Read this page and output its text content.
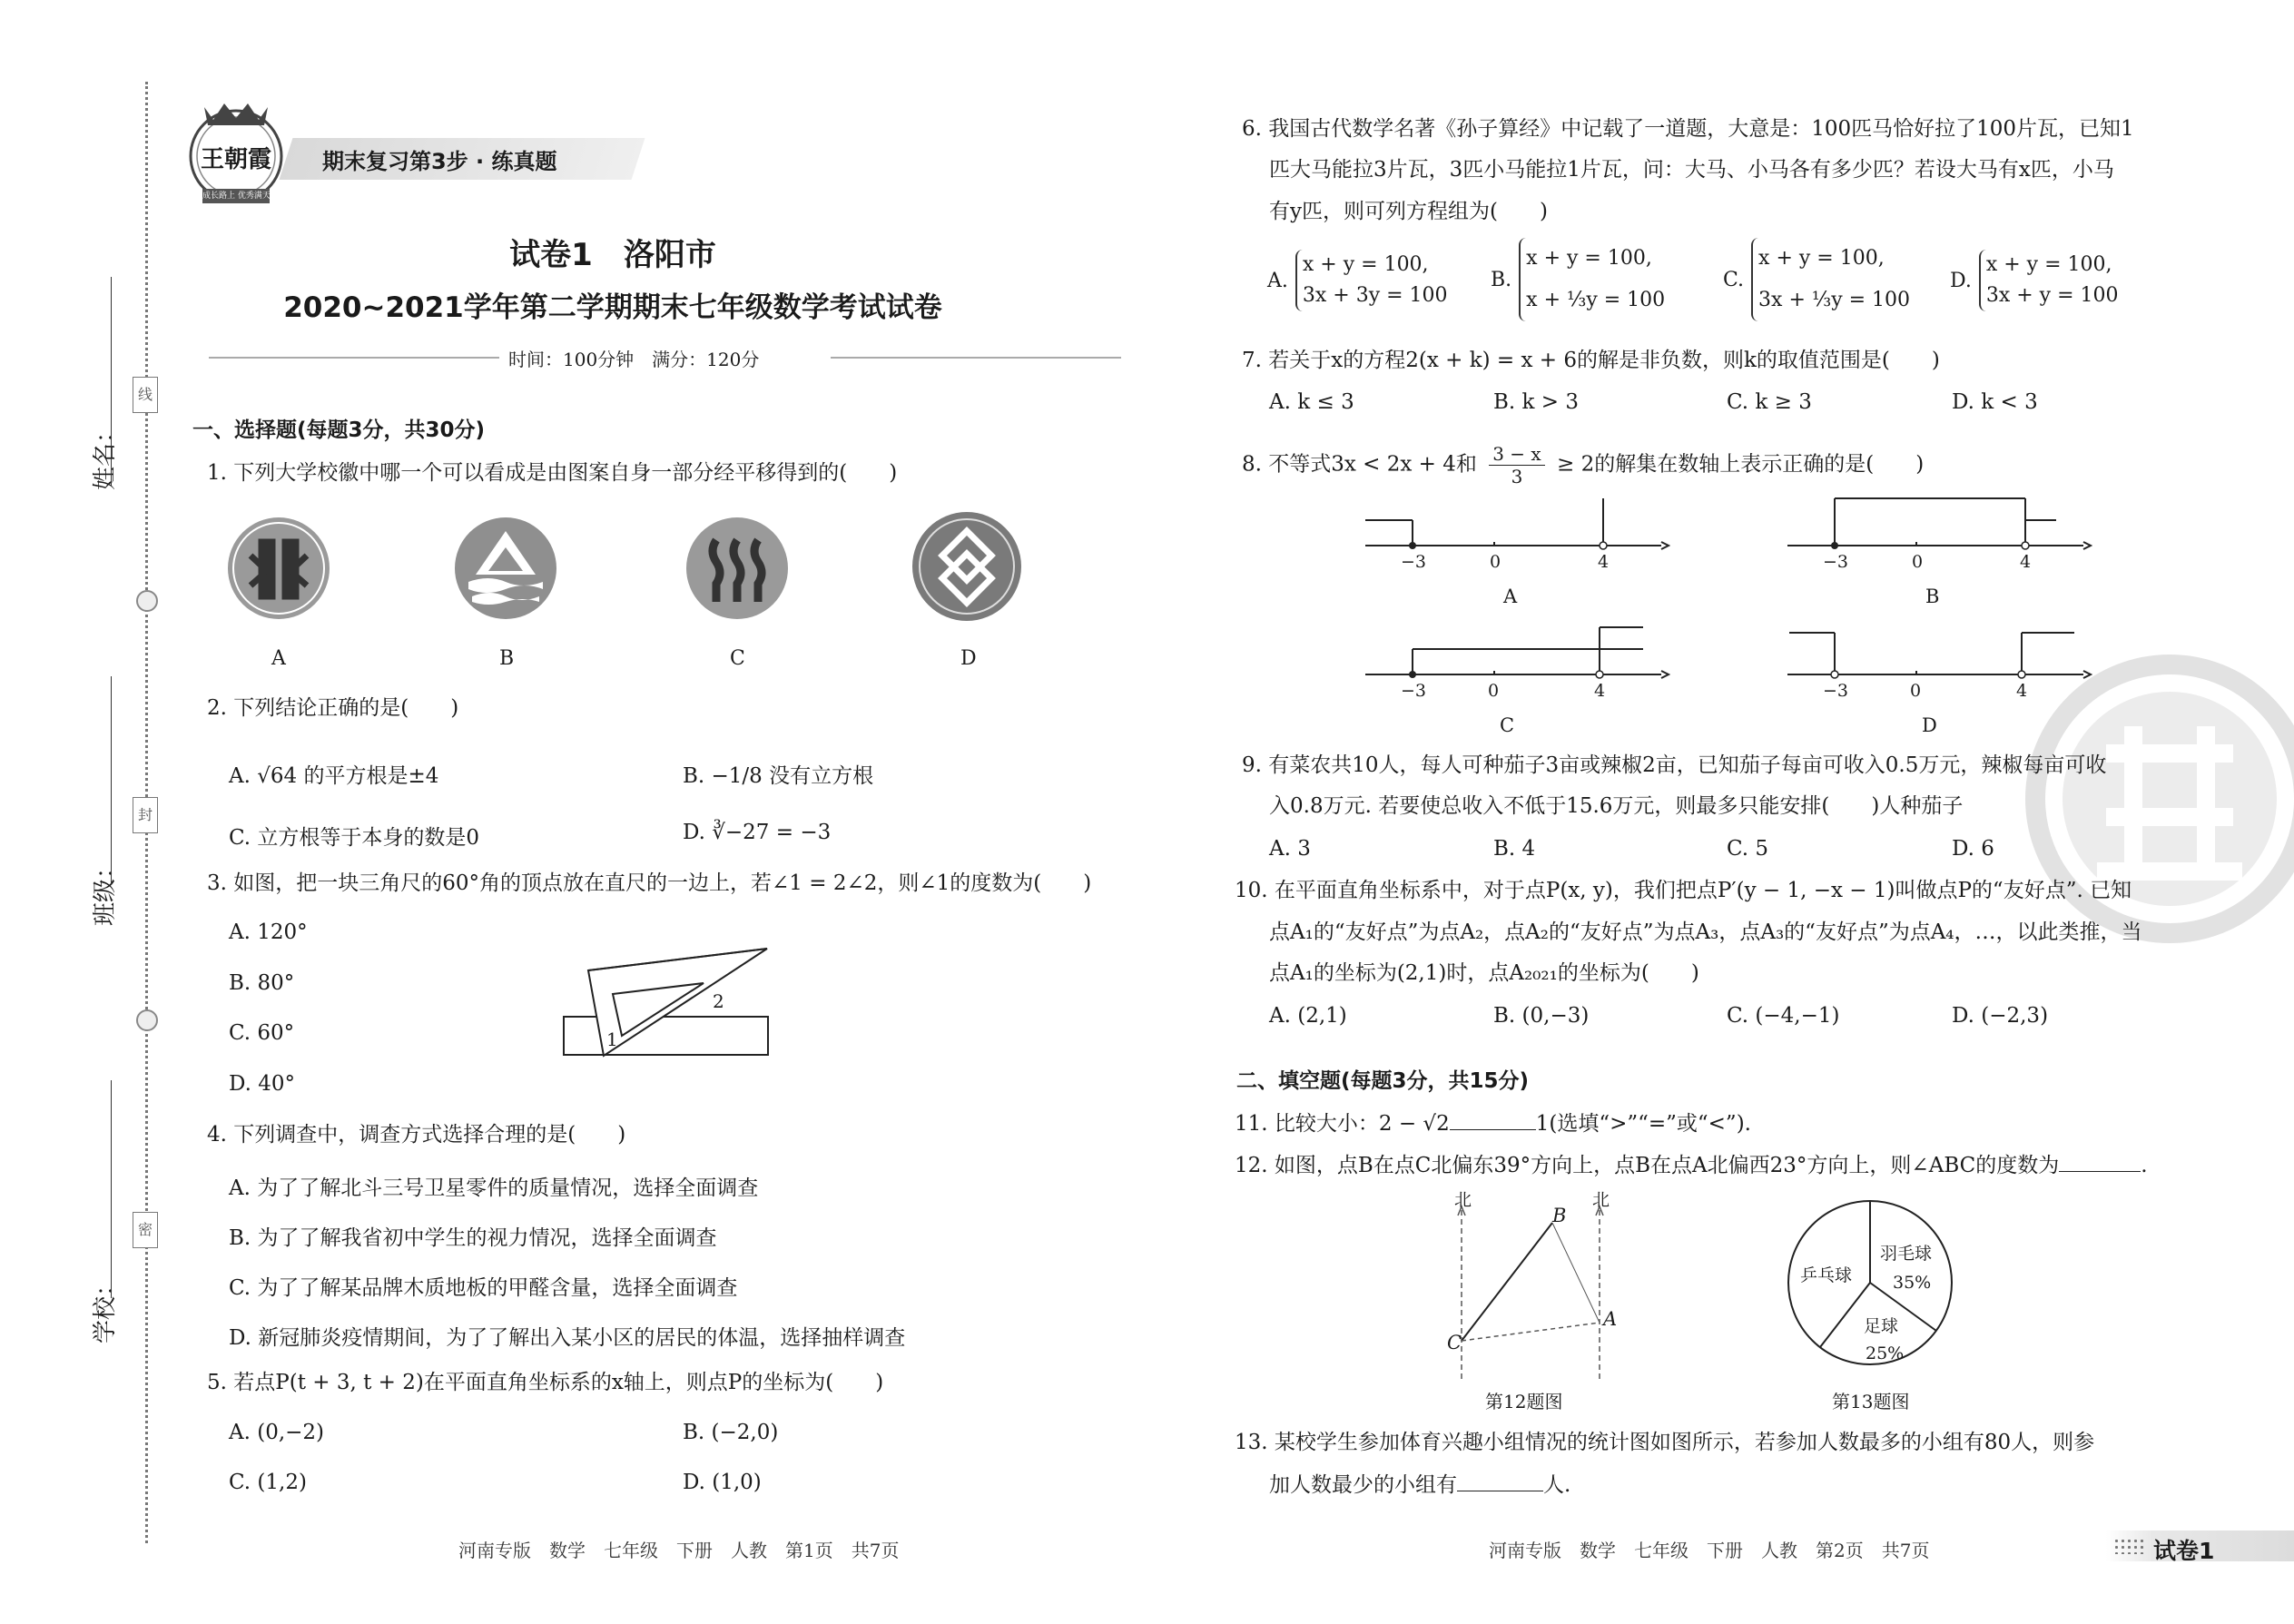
线
封
密
姓名：
班级：
学校：
王朝霞
成长路上 优秀满天
期末复习第3步 · 练真题
试卷1　洛阳市
2020~2021学年第二学期期末七年级数学考试试卷
时间：100分钟　满分：120分
一、选择题(每题3分，共30分)
1. 下列大学校徽中哪一个可以看成是由图案自身一部分经平移得到的(　　)
A	B	C	D
2. 下列结论正确的是(　　)
A. √64 的平方根是±4	B. −1/8 没有立方根
C. 立方根等于本身的数是0	D. ∛−27 = −3
3. 如图，把一块三角尺的60°角的顶点放在直尺的一边上，若∠1 = 2∠2，则∠1的度数为(　　)
A. 120°
B. 80°
C. 60°
D. 40°
1
2
4. 下列调查中，调查方式选择合理的是(　　)
A. 为了了解北斗三号卫星零件的质量情况，选择全面调查
B. 为了了解我省初中学生的视力情况，选择全面调查
C. 为了了解某品牌木质地板的甲醛含量，选择全面调查
D. 新冠肺炎疫情期间，为了了解出入某小区的居民的体温，选择抽样调查
5. 若点P(t + 3, t + 2)在平面直角坐标系的x轴上，则点P的坐标为(　　)
A. (0,−2)	B. (−2,0)
C. (1,2)	D. (1,0)
河南专版　数学　七年级　下册　人教　第1页　共7页
6. 我国古代数学名著《孙子算经》中记载了一道题，大意是：100匹马恰好拉了100片瓦，已知1
匹大马能拉3片瓦，3匹小马能拉1片瓦，问：大马、小马各有多少匹？若设大马有x匹，小马
有y匹，则可列方程组为(　　)
A.
x + y = 100,
3x + 3y = 100
B.
x + y = 100,
x + ⅓y = 100
C.
x + y = 100,
3x + ⅓y = 100
D.
x + y = 100,
3x + y = 100
7. 若关于x的方程2(x + k) = x + 6的解是非负数，则k的取值范围是(　　)
A. k ≤ 3	B. k > 3	C. k ≥ 3	D. k < 3
8. 不等式3x < 2x + 4和 $\frac{3 - x}{3} \ge 2$的解集在数轴上表示正确的是(　　)
−3	0	4
A
−3	0	4
B
−3	0	4
C
−3	0	4
D
9. 有菜农共10人，每人可种茄子3亩或辣椒2亩，已知茄子每亩可收入0.5万元，辣椒每亩可收
入0.8万元. 若要使总收入不低于15.6万元，则最多只能安排(　　)人种茄子
A. 3	B. 4	C. 5	D. 6
10. 在平面直角坐标系中，对于点P(x, y)，我们把点P′(y − 1, −x − 1)叫做点P的“友好点”. 已知
点A₁的“友好点”为点A₂，点A₂的“友好点”为点A₃，点A₃的“友好点”为点A₄，…，以此类推，当
点A₁的坐标为(2,1)时，点A₂₀₂₁的坐标为(　　)
A. (2,1)	B. (0,−3)	C. (−4,−1)	D. (−2,3)
二、填空题(每题3分，共15分)
11. 比较大小：2 − √2	1(选填“>”“=”或“<”).
12. 如图，点B在点C北偏东39°方向上，点B在点A北偏西23°方向上，则∠ABC的度数为	.
北	北
B
C
A
第12题图
羽毛球
35%
乒乓球
足球
25%
第13题图
13. 某校学生参加体育兴趣小组情况的统计图如图所示，若参加人数最多的小组有80人，则参
加人数最少的小组有	人.
河南专版　数学　七年级　下册　人教　第2页　共7页	试卷1
